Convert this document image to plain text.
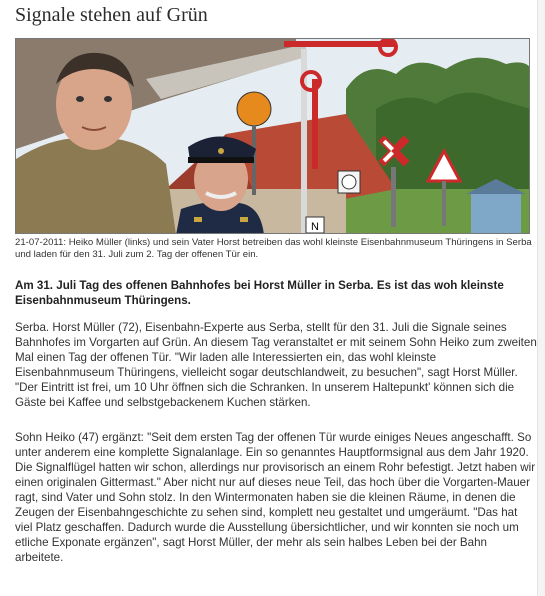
Signale stehen auf Grün
N

21-07-2011: Heiko Müller (links) und sein Vater Horst betreiben das wohl kleinste Eisenbahnmuseum Thüringens in Serba und laden für den 31. Juli zum 2. Tag der offenen Tür ein.

Am 31. Juli Tag des offenen Bahnhofes bei Horst Müller in Serba. Es ist das woh kleinste Eisenbahnmuseum Thüringens.

Serba. Horst Müller (72), Eisenbahn-Experte aus Serba, stellt für den 31. Juli die Signale seines Bahnhofes im Vorgarten auf Grün. An diesem Tag veranstaltet er mit seinem Sohn Heiko zum zweiten Mal einen Tag der offenen Tür. "Wir laden alle Interessierten ein, das wohl kleinste Eisenbahnmuseum Thüringens, vielleicht sogar deutschlandweit, zu besuchen", sagt Horst Müller. "Der Eintritt ist frei, um 10 Uhr öffnen sich die Schranken. In unserem Haltepunkt' können sich die Gäste bei Kaffee und selbstgebackenem Kuchen stärken.

Sohn Heiko (47) ergänzt: "Seit dem ersten Tag der offenen Tür wurde einiges Neues angeschafft. So unter anderem eine komplette Signalanlage. Ein so genanntes Hauptformsignal aus dem Jahr 1920. Die Signalflügel hatten wir schon, allerdings nur provisorisch an einem Rohr befestigt. Jetzt haben wir einen originalen Gittermast." Aber nicht nur auf dieses neue Teil, das hoch über die Vorgarten-Mauer ragt, sind Vater und Sohn stolz. In den Wintermonaten haben sie die kleinen Räume, in denen die Zeugen der Eisenbahngeschichte zu sehen sind, komplett neu gestaltet und umgeräumt. "Das hat viel Platz geschaffen. Dadurch wurde die Ausstellung übersichtlicher, und wir konnten sie noch um etliche Exponate ergänzen", sagt Horst Müller, der mehr als sein halbes Leben bei der Bahn arbeitete.
